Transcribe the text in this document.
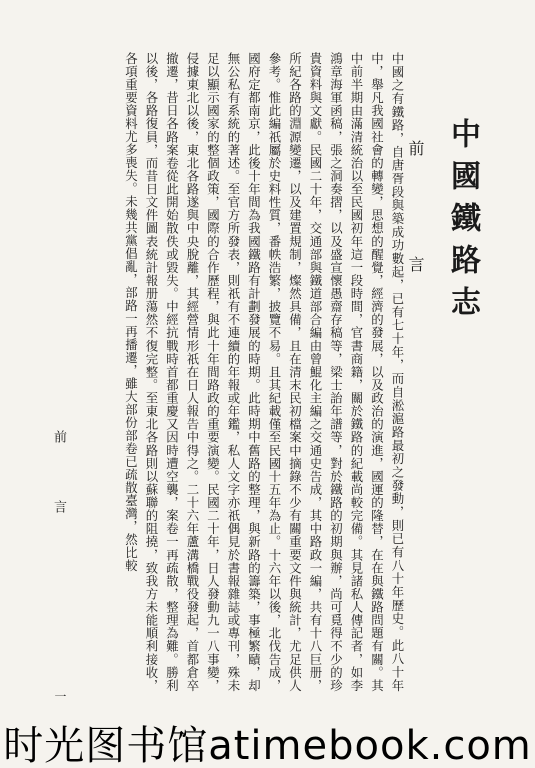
中國鐵路志
前　言
中國之有鐵路，自唐胥段與築成功數起，已有七十年，而自淞滬路最初之發動，則已有八十年歷史。此八十年中，舉凡我國社會的轉變，思想的醒覺，經濟的發展，以及政治的演進，國運的隆替，在在與鐵路問題有關。其中前半期由滿清統治以至民國初年這一段時間，官書商籍，關於鐵路的紀載尚較完備。其見諸私人傳記者，如李鴻章海軍函稿，張之洞奏摺，以及盛宣懷愚齋存稿等，梁士詒年譜等，對於鐵路的初期與辦，尚可覓得不少的珍貴資料與文獻。民國二十年，交通部與鐵道部合編由曾鯤化主編之交通史告成，其中路政一編，共有十八巨册，所紀各路的淵源變遷，以及建置規制，燦然具備，且在清末民初檔案中摘錄不少有關重要文件與統計，尤足供人參考。惟此編祇屬於史料性質，番帙浩繁，披覽不易。且其紀載僅至民國十五年為止。十六年以後，北伐告成，國府定都南京，此後十年間為我國鐵路有計劃發展的時期。此時期中舊路的整理，與新路的籌築，事極繁賾，却無公私有系統的著述。至官方所發表，則祇有不連續的年報或年鑑，私人文字亦祇偶見於書報雜誌或專刊，殊未足以顯示國家的整個政策，國際的合作歷程，與此十年間路政的重要演變。民國二十年，日人發動九一八事變，侵據東北以後，東北各路遂與中央脫離，其經營情形祇在日人報告中得之。二十六年蘆溝橋戰役發起，首都倉卒撤遷，昔日各路案卷從此開始散佚或毀失。中經抗戰時首都重慶又因時遭空襲，案卷一再疏散，整理為難。勝利以後，各路復員，而昔日文件圖表統計報册蕩然不復完整。至東北各路則以蘇聯的阻撓，致我方未能順利接收，各項重要資料尤多喪失。未幾共黨倡亂，部路一再播遷，雖大部份部卷已疏散臺灣，然比較
前　言
一
时光图书馆atimebook.com
